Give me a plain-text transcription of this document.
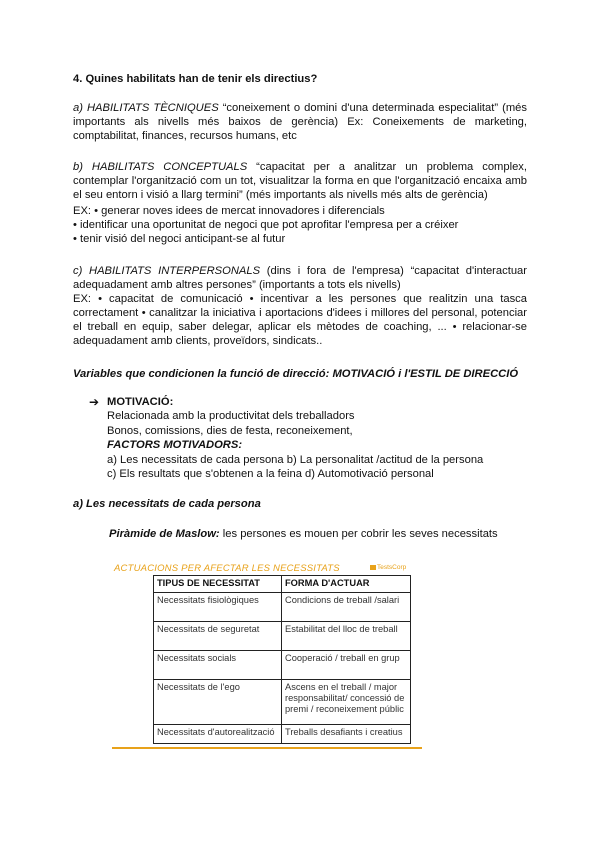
4. Quines habilitats han de tenir els directius?
a) HABILITATS TÈCNIQUES “coneixement o domini d'una determinada especialitat” (més importants als nivells més baixos de gerència) Ex: Coneixements de marketing, comptabilitat, finances, recursos humans, etc
b) HABILITATS CONCEPTUALS “capacitat per a analitzar un problema complex, contemplar l'organització com un tot, visualitzar la forma en que l'organització encaixa amb el seu entorn i visió a llarg termini” (més importants als nivells més alts de gerència)
EX: • generar noves idees de mercat innovadores i diferencials
• identificar una oportunitat de negoci que pot aprofitar l'empresa per a créixer
• tenir visió del negoci anticipant-se al futur
c) HABILITATS INTERPERSONALS (dins i fora de l'empresa) “capacitat d'interactuar adequadament amb altres persones” (importants a tots els nivells)
EX: • capacitat de comunicació • incentivar a les persones que realitzin una tasca correctament • canalitzar la iniciativa i aportacions d'idees i millores del personal, potenciar el treball en equip, saber delegar, aplicar els mètodes de coaching, ... • relacionar-se adequadament amb clients, proveïdors, sindicats..
Variables que condicionen la funció de direcció: MOTIVACIÓ i l'ESTIL DE DIRECCIÓ
➔ MOTIVACIÓ:
Relacionada amb la productivitat dels treballadors
Bonos, comissions, dies de festa, reconeixement,
FACTORS MOTIVADORS:
a) Les necessitats de cada persona b) La personalitat /actitud de la persona
c) Els resultats que s'obtenen a la feina d) Automotivació personal
a) Les necessitats de cada persona
Piràmide de Maslow: les persones es mouen per cobrir les seves necessitats
ACTUACIONS PER AFECTAR LES NECESSITATS	TestsCorp
TIPUS DE NECESSITAT	FORMA D'ACTUAR
Necessitats fisiològiques	Condicions de treball /salari
Necessitats de seguretat	Estabilitat del lloc de treball
Necessitats socials	Cooperació / treball en grup
Necessitats de l'ego	Ascens en el treball / major responsabilitat/ concessió de premi / reconeixement públic
Necessitats d'autorealització	Treballs desafiants i creatius
